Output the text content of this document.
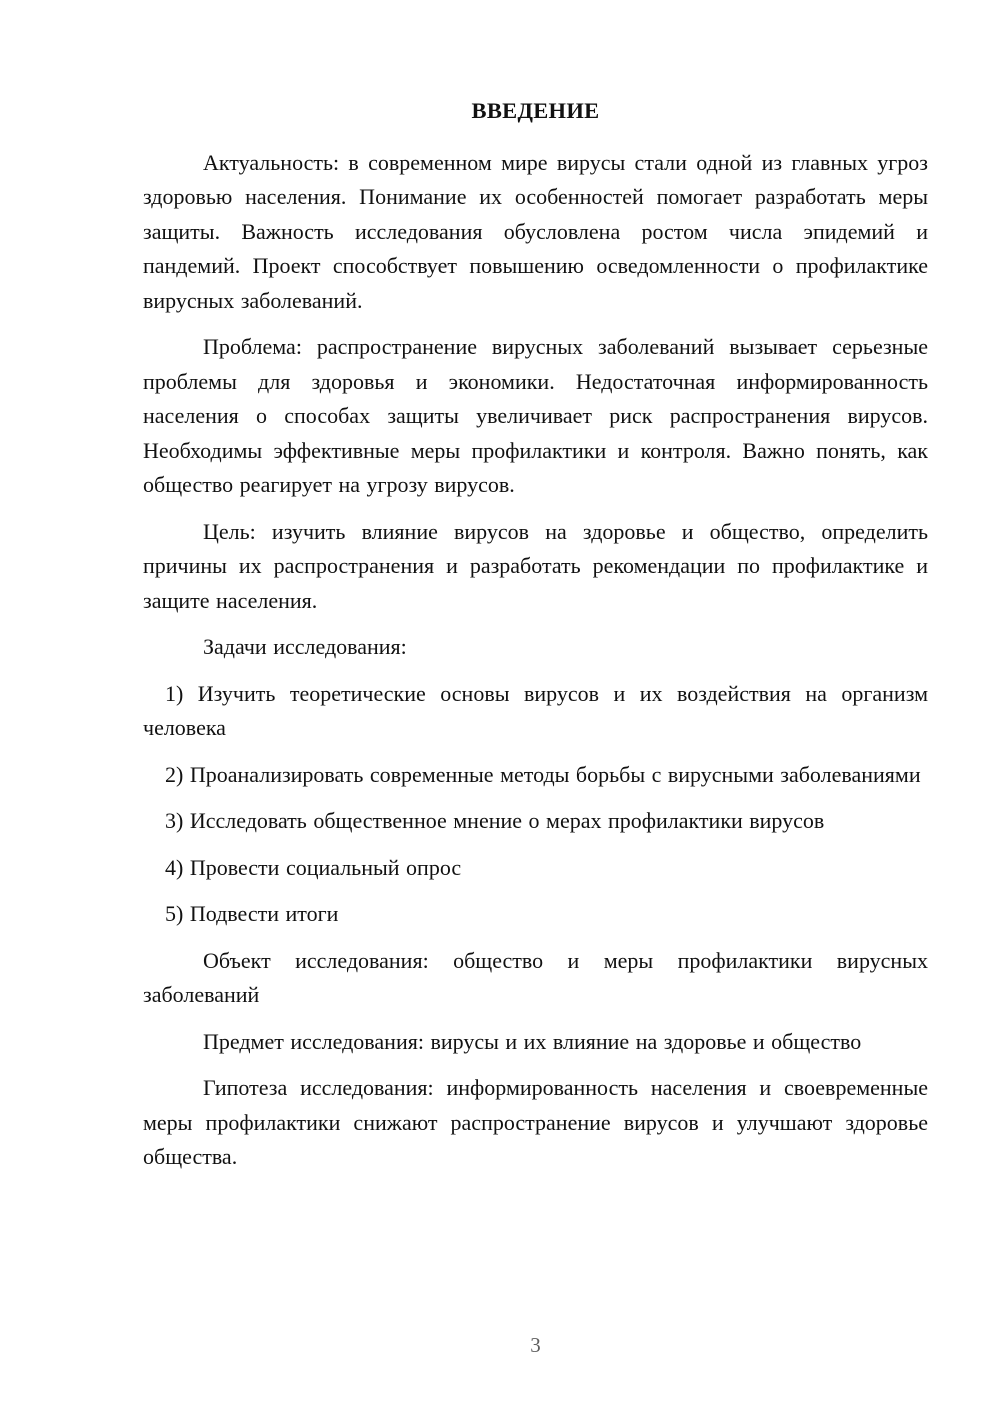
ВВЕДЕНИЕ

Актуальность: в современном мире вирусы стали одной из главных угроз здоровью населения. Понимание их особенностей помогает разработать меры защиты. Важность исследования обусловлена ростом числа эпидемий и пандемий. Проект способствует повышению осведомленности о профилактике вирусных заболеваний.

Проблема: распространение вирусных заболеваний вызывает серьезные проблемы для здоровья и экономики. Недостаточная информированность населения о способах защиты увеличивает риск распространения вирусов. Необходимы эффективные меры профилактики и контроля. Важно понять, как общество реагирует на угрозу вирусов.

Цель: изучить влияние вирусов на здоровье и общество, определить причины их распространения и разработать рекомендации по профилактике и защите населения.

Задачи исследования:

1) Изучить теоретические основы вирусов и их воздействия на организм человека

2) Проанализировать современные методы борьбы с вирусными заболеваниями

3) Исследовать общественное мнение о мерах профилактики вирусов

4) Провести социальный опрос

5) Подвести итоги

Объект исследования: общество и меры профилактики вирусных заболеваний

Предмет исследования: вирусы и их влияние на здоровье и общество

Гипотеза исследования: информированность населения и своевременные меры профилактики снижают распространение вирусов и улучшают здоровье общества.

3
